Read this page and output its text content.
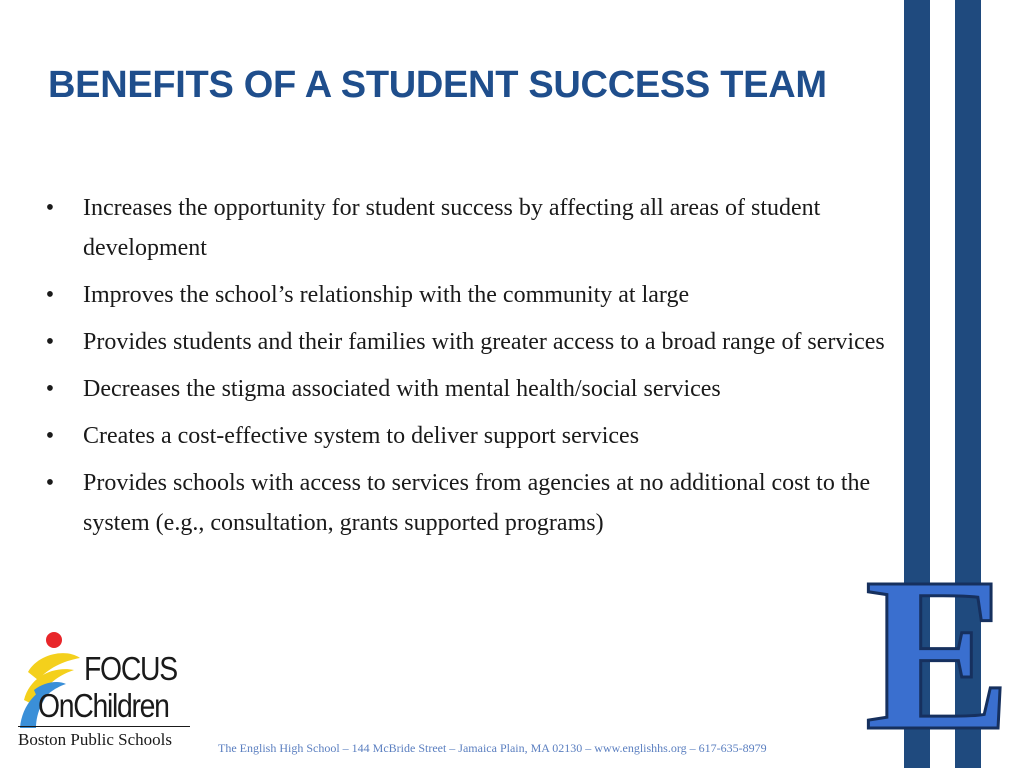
BENEFITS OF A STUDENT SUCCESS TEAM
• Increases the opportunity for student success by affecting all areas of student development
• Improves the school’s relationship with the community at large
• Provides students and their families with greater access to a broad range of services
• Decreases the stigma associated with mental health/social services
• Creates a cost-effective system to deliver support services
• Provides schools with access to services from agencies at no additional cost to the system (e.g., consultation, grants supported programs)
E
FOCUS
OnChildren
Boston Public Schools	The English High School – 144 McBride Street – Jamaica Plain, MA 02130 – www.englishhs.org – 617-635-8979
